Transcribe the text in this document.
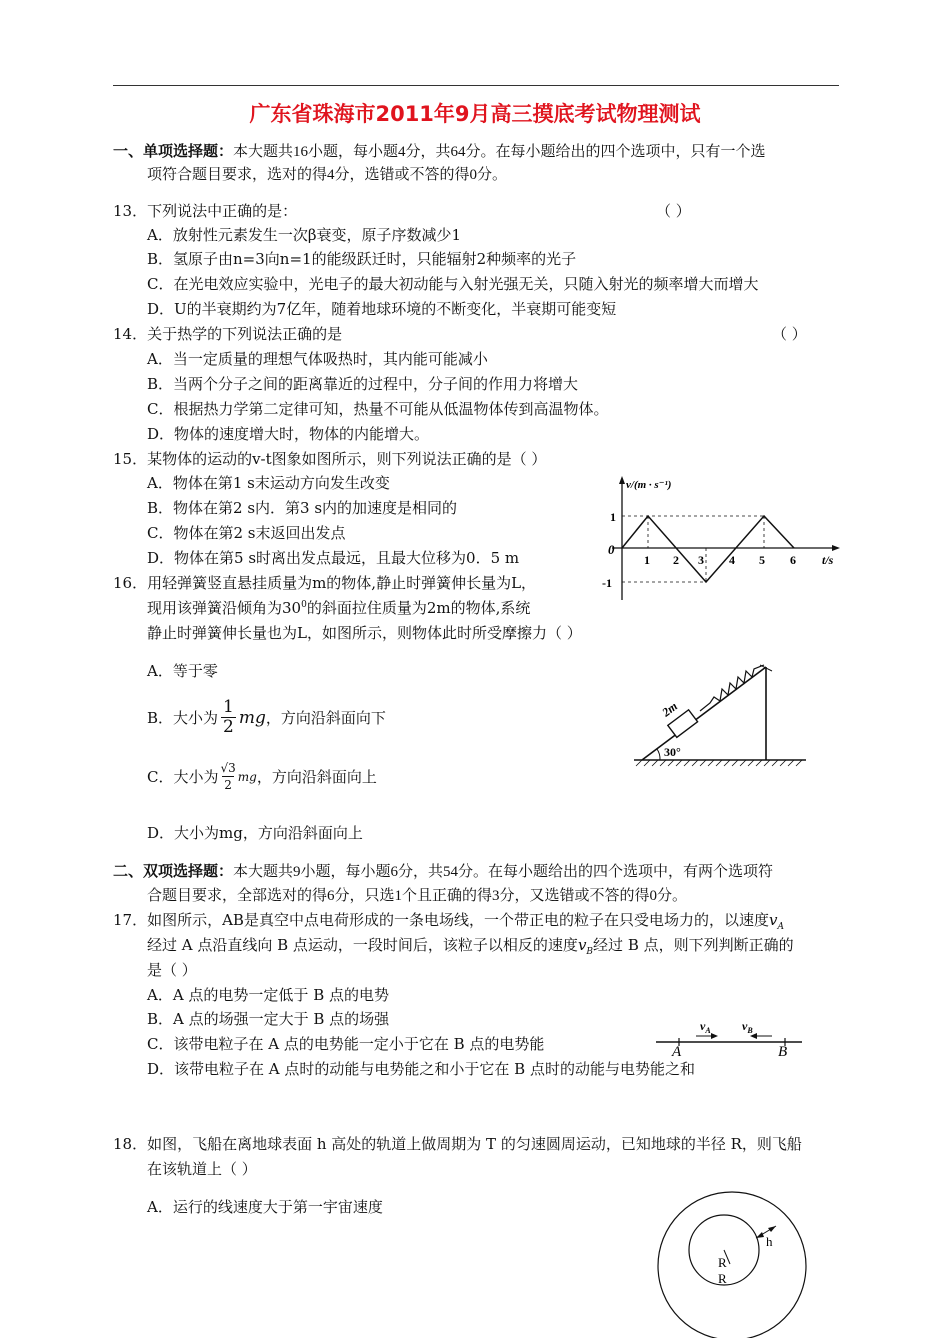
广东省珠海市2011年9月高三摸底考试物理测试
一、单项选择题：本大题共16小题，每小题4分，共64分。在每小题给出的四个选项中，只有一个选
项符合题目要求，选对的得4分，选错或不答的得0分。
13．下列说法中正确的是：	（ ）
A．放射性元素发生一次β衰变，原子序数减少1
B．氢原子由n=3向n=1的能级跃迁时，只能辐射2种频率的光子
C．在光电效应实验中，光电子的最大初动能与入射光强无关，只随入射光的频率增大而增大
D．U的半衰期约为7亿年，随着地球环境的不断变化，半衰期可能变短
14．关于热学的下列说法正确的是	（ ）
A．当一定质量的理想气体吸热时，其内能可能减小
B．当两个分子之间的距离靠近的过程中，分子间的作用力将增大
C．根据热力学第二定律可知，热量不可能从低温物体传到高温物体。
D．物体的速度增大时，物体的内能增大。
15．某物体的运动的v-t图象如图所示，则下列说法正确的是（ ）
A．物体在第1 s末运动方向发生改变
B．物体在第2 s内．第3 s内的加速度是相同的
C．物体在第2 s末返回出发点
D．物体在第5 s时离出发点最远，且最大位移为0．5 m
v/(m · s⁻¹)
t/s
0
1
-1
1 2 3 4 5 6
16．用轻弹簧竖直悬挂质量为m的物体,静止时弹簧伸长量为L，
现用该弹簧沿倾角为$30^0$的斜面拉住质量为2m的物体,系统
静止时弹簧伸长量也为L，如图所示，则物体此时所受摩擦力（ ）
A．等于零
B．大小为
1
2 mg ，方向沿斜面向下
C．大小为 √3
2
mg ，方向沿斜面向上
D．大小为mg，方向沿斜面向上
30°
2m
二、双项选择题：本大题共9小题，每小题6分，共54分。在每小题给出的四个选项中，有两个选项符
合题目要求，全部选对的得6分，只选1个且正确的得3分，又选错或不答的得0分。
17．如图所示，AB是真空中点电荷形成的一条电场线，一个带正电的粒子在只受电场力的，以速度$v_A$
经过 A 点沿直线向 B 点运动，一段时间后，该粒子以相反的速度$v_B$经过 B 点，则下列判断正确的
是（ ）
A．A 点的电势一定低于 B 点的电势
B．A 点的场强一定大于 B 点的场强
C．该带电粒子在 A 点的电势能一定小于它在 B 点的电势能
D．该带电粒子在 A 点时的动能与电势能之和小于它在 B 点时的动能与电势能之和
$v_A$	$v_B$
A	B
18．如图，飞船在离地球表面 h 高处的轨道上做周期为 T 的匀速圆周运动，已知地球的半径 R，则飞船
在该轨道上（ ）
A．运行的线速度大于第一宇宙速度
h
R
R
